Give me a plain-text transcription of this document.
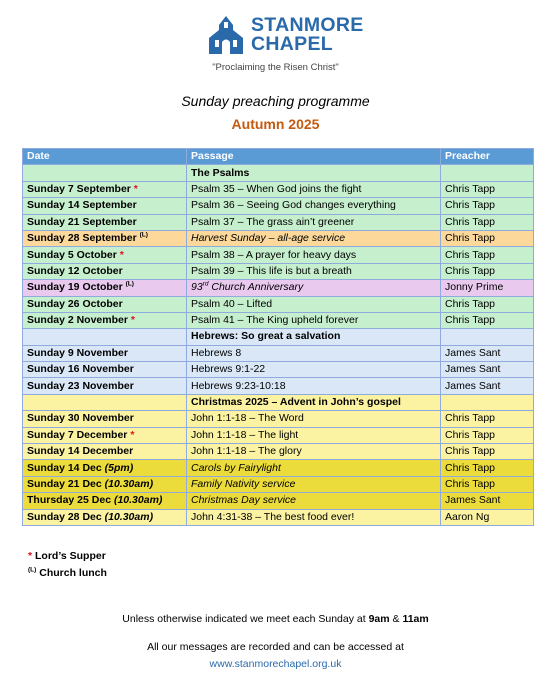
STANMORE
CHAPEL
"Proclaiming the Risen Christ"
Sunday preaching programme
Autumn 2025
Date	Passage	Preacher
	The Psalms	
Sunday 7 September *	Psalm 35 – When God joins the fight	Chris Tapp
Sunday 14 September	Psalm 36 – Seeing God changes everything	Chris Tapp
Sunday 21 September	Psalm 37 – The grass ain’t greener	Chris Tapp
Sunday 28 September $^{(L)}$	Harvest Sunday – all-age service	Chris Tapp
Sunday 5 October *	Psalm 38 – A prayer for heavy days	Chris Tapp
Sunday 12 October	Psalm 39 – This life is but a breath	Chris Tapp
Sunday 19 October $^{(L)}$	93rd Church Anniversary	Jonny Prime
Sunday 26 October	Psalm 40 – Lifted	Chris Tapp
Sunday 2 November *	Psalm 41 – The King upheld forever	Chris Tapp
	Hebrews: So great a salvation	
Sunday 9 November	Hebrews 8	James Sant
Sunday 16 November	Hebrews 9:1-22	James Sant
Sunday 23 November	Hebrews 9:23-10:18	James Sant
	Christmas 2025 – Advent in John’s gospel	
Sunday 30 November	John 1:1-18 – The Word	Chris Tapp
Sunday 7 December *	John 1:1-18 – The light	Chris Tapp
Sunday 14 December	John 1:1-18 – The glory	Chris Tapp
Sunday 14 Dec (5pm)	Carols by Fairylight	Chris Tapp
Sunday 21 Dec (10.30am)	Family Nativity service	Chris Tapp
Thursday 25 Dec (10.30am)	Christmas Day service	James Sant
Sunday 28 Dec (10.30am)	John 4:31-38 – The best food ever!	Aaron Ng
* Lord’s Supper
$^{(L)}$ Church lunch
Unless otherwise indicated we meet each Sunday at 9am & 11am
All our messages are recorded and can be accessed at
www.stanmorechapel.org.uk
